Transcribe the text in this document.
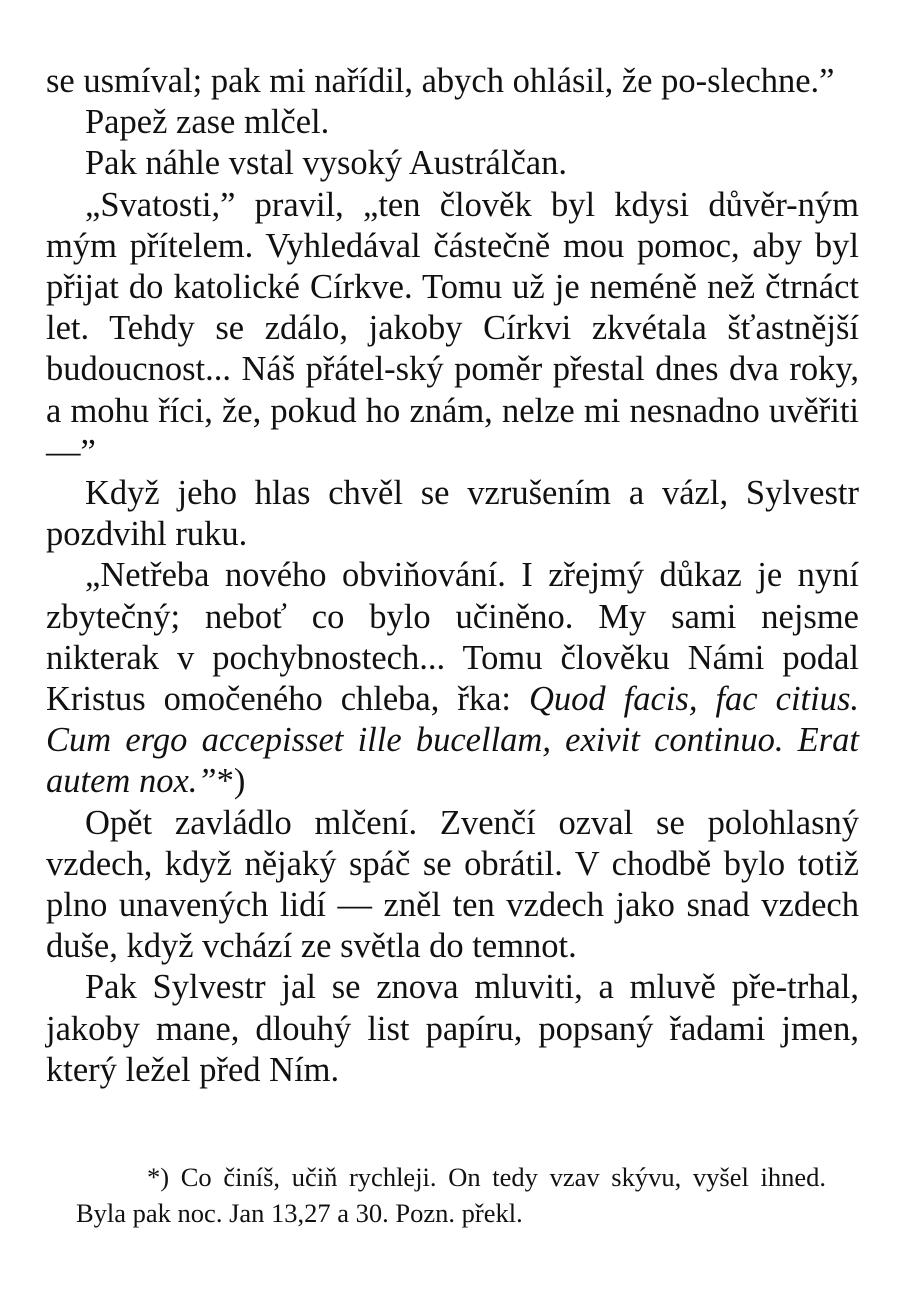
se usmíval; pak mi nařídil, abych ohlásil, že po-slechne.”

Papež zase mlčel.

Pak náhle vstal vysoký Austrálčan.

„Svatosti,” pravil, „ten člověk byl kdysi důvěr-ným mým přítelem. Vyhledával částečně mou pomoc, aby byl přijat do katolické Církve. Tomu už je neméně než čtrnáct let. Tehdy se zdálo, jakoby Církvi zkvétala šťastnější budoucnost... Náš přátel-ský poměr přestal dnes dva roky, a mohu říci, že, pokud ho znám, nelze mi nesnadno uvěřiti —”

Když jeho hlas chvěl se vzrušením a vázl, Sylvestr pozdvihl ruku.

„Netřeba nového obviňování. I zřejmý důkaz je nyní zbytečný; neboť co bylo učiněno. My sami nejsme nikterak v pochybnostech... Tomu člověku Námi podal Kristus omočeného chleba, řka: Quod facis, fac citius. Cum ergo accepisset ille bucellam, exivit continuo. Erat autem nox.”*)

Opět zavládlo mlčení. Zvenčí ozval se polohlasný vzdech, když nějaký spáč se obrátil. V chodbě bylo totiž plno unavených lidí — zněl ten vzdech jako snad vzdech duše, když vchází ze světla do temnot.

Pak Sylvestr jal se znova mluviti, a mluvě pře-trhal, jakoby mane, dlouhý list papíru, popsaný řadami jmen, který ležel před Ním.

*) Co činíš, učiň rychleji. On tedy vzav skývu, vyšel ihned. Byla pak noc. Jan 13,27 a 30. Pozn. překl.
